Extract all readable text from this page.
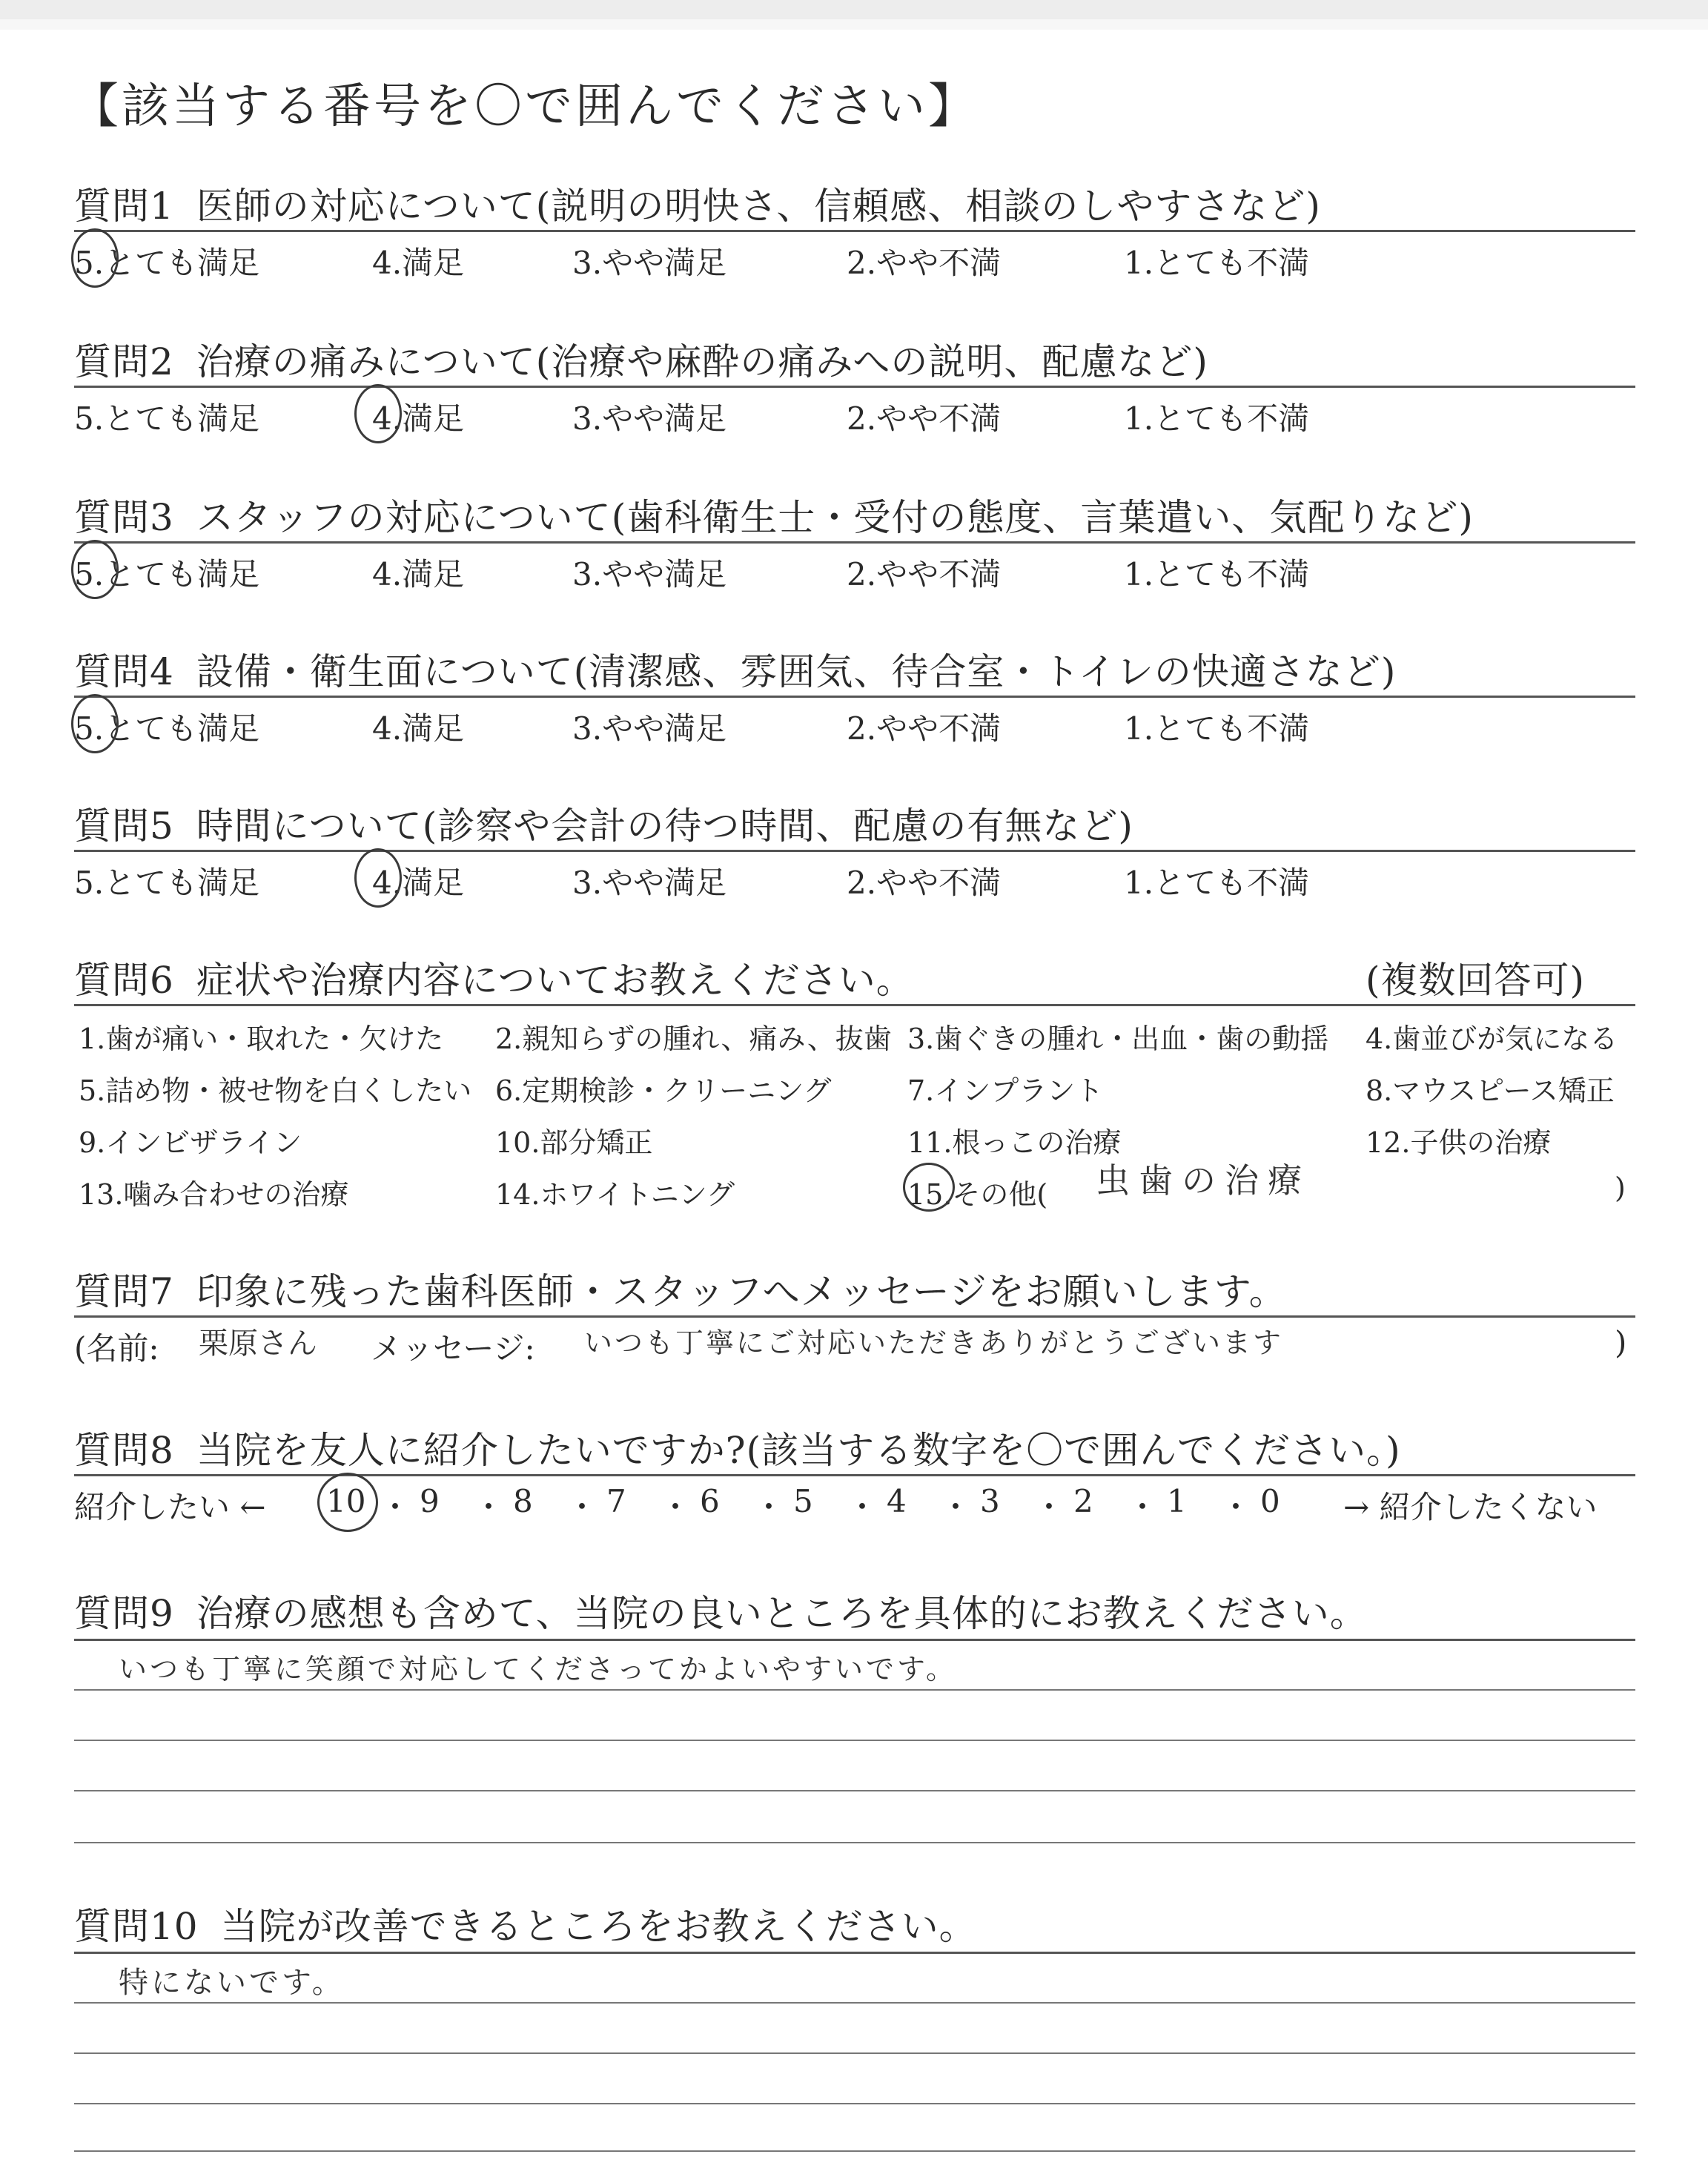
【該当する番号を〇で囲んでください】
質問1 医師の対応について(説明の明快さ、信頼感、相談のしやすさなど)
5.とても満足	4.満足	3.やや満足	2.やや不満	1.とても不満
質問2 治療の痛みについて(治療や麻酔の痛みへの説明、配慮など)
5.とても満足	4.満足	3.やや満足	2.やや不満	1.とても不満
質問3 スタッフの対応について(歯科衛生士・受付の態度、言葉遣い、気配りなど)
5.とても満足	4.満足	3.やや満足	2.やや不満	1.とても不満
質問4 設備・衛生面について(清潔感、雰囲気、待合室・トイレの快適さなど)
5.とても満足	4.満足	3.やや満足	2.やや不満	1.とても不満
質問5 時間について(診察や会計の待つ時間、配慮の有無など)
5.とても満足	4.満足	3.やや満足	2.やや不満	1.とても不満
質問6 症状や治療内容についてお教えください。	(複数回答可)
1.歯が痛い・取れた・欠けた 2.親知らずの腫れ、痛み、抜歯 3.歯ぐきの腫れ・出血・歯の動揺 4.歯並びが気になる
5.詰め物・被せ物を白くしたい 6.定期検診・クリーニング	7.インプラント	8.マウスピース矯正
9.インビザライン	10.部分矯正	11.根っこの治療	12.子供の治療
13.噛み合わせの治療	14.ホワイトニング	15.その他(	)
虫歯の治療
質問7 印象に残った歯科医師・スタッフへメッセージをお願いします。
(名前: 栗原さん メッセージ: いつも丁寧にご対応いただきありがとうございます	)
質問8 当院を友人に紹介したいですか?(該当する数字を〇で囲んでください。)
紹介したい ← 10 ・ 9 ・ 8 ・ 7 ・ 6 ・ 5 ・ 4 ・ 3 ・ 2 ・ 1 ・ 0 → 紹介したくない
質問9 治療の感想も含めて、当院の良いところを具体的にお教えください。
いつも丁寧に笑顔で対応してくださってかよいやすいです。
質問10 当院が改善できるところをお教えください。
特にないです。
